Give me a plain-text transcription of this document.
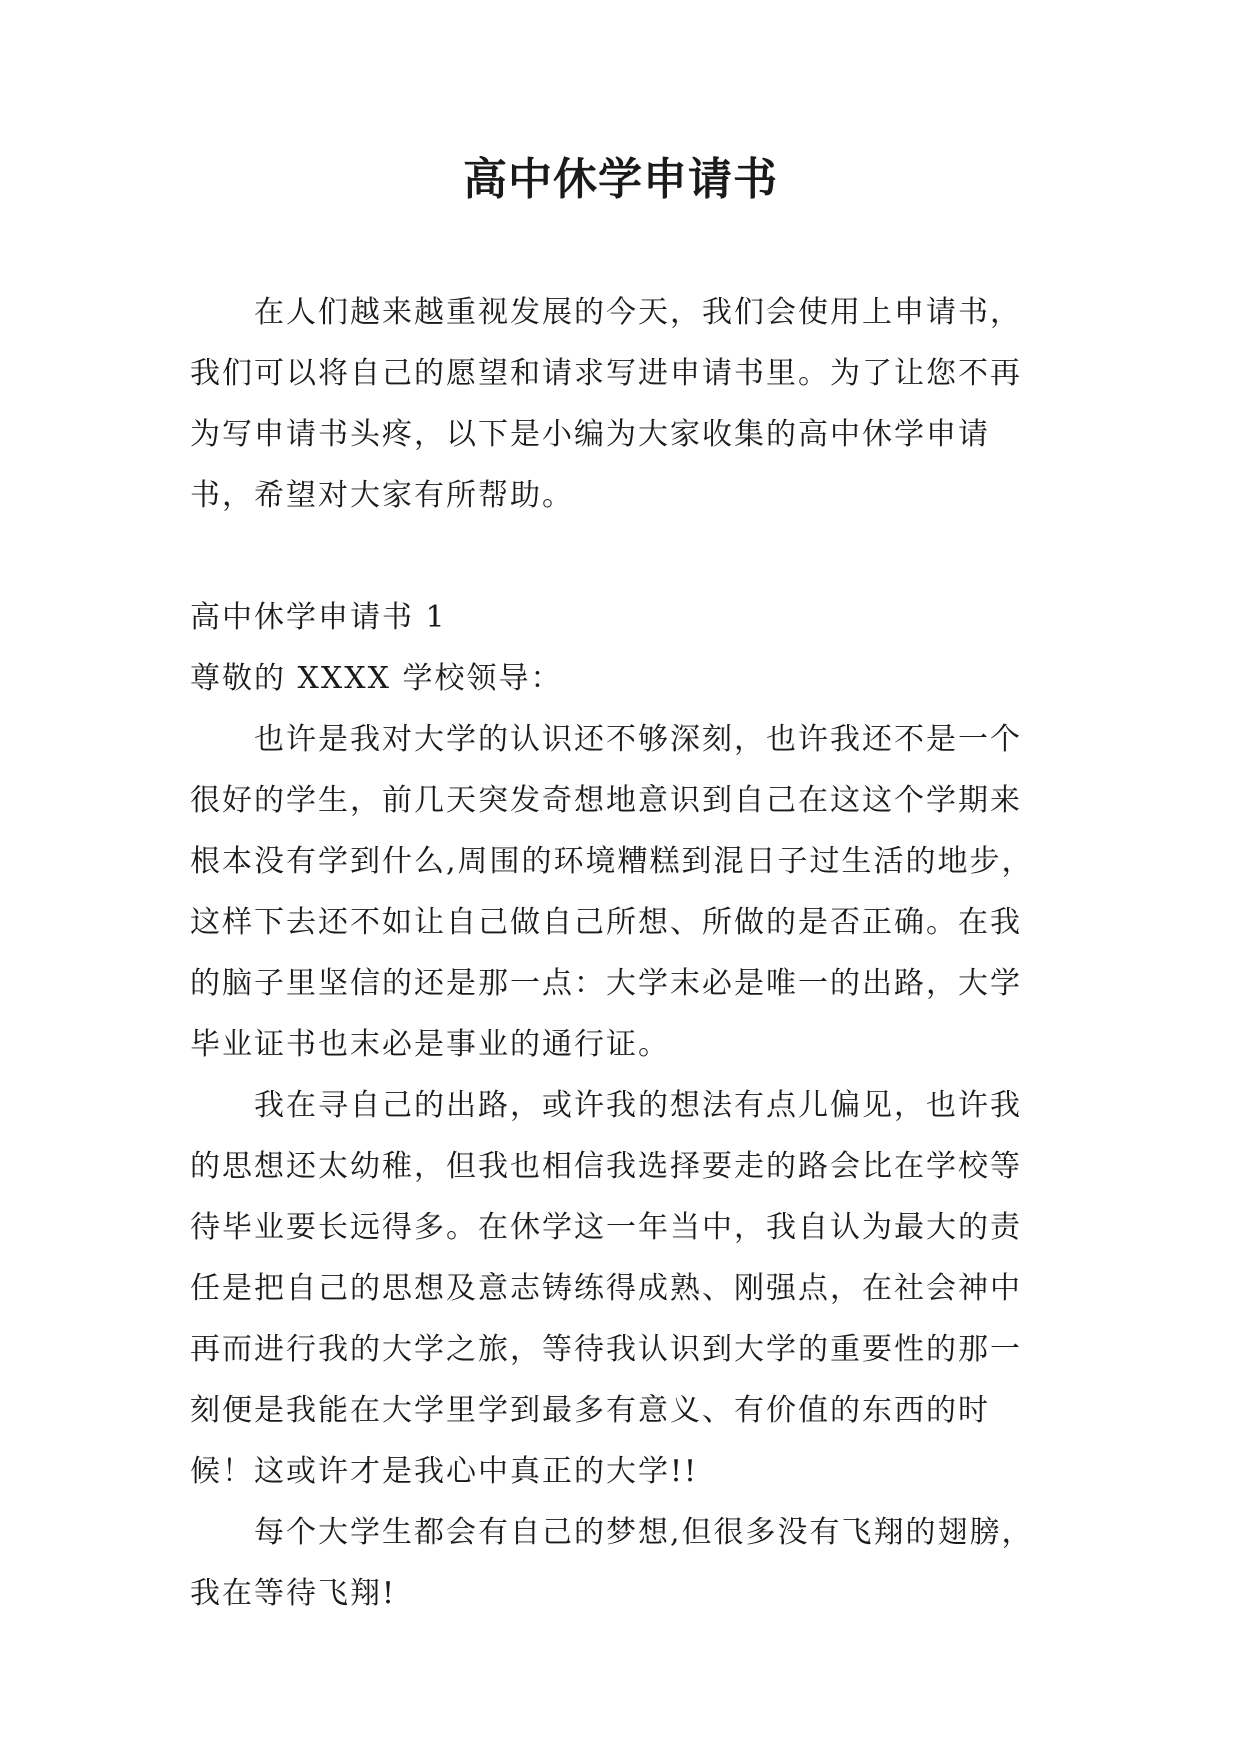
高中休学申请书

在人们越来越重视发展的今天，我们会使用上申请书，我们可以将自己的愿望和请求写进申请书里。为了让您不再为写申请书头疼，以下是小编为大家收集的高中休学申请书，希望对大家有所帮助。

高中休学申请书 1

尊敬的 XXXX 学校领导：

也许是我对大学的认识还不够深刻，也许我还不是一个很好的学生，前几天突发奇想地意识到自己在这这个学期来根本没有学到什么,周围的环境糟糕到混日子过生活的地步，这样下去还不如让自己做自己所想、所做的是否正确。在我的脑子里坚信的还是那一点：大学末必是唯一的出路，大学毕业证书也末必是事业的通行证。

我在寻自己的出路，或许我的想法有点儿偏见，也许我的思想还太幼稚，但我也相信我选择要走的路会比在学校等待毕业要长远得多。在休学这一年当中，我自认为最大的责任是把自己的思想及意志铸练得成熟、刚强点，在社会神中再而进行我的大学之旅，等待我认识到大学的重要性的那一刻便是我能在大学里学到最多有意义、有价值的东西的时候！这或许才是我心中真正的大学!!

每个大学生都会有自己的梦想,但很多没有飞翔的翅膀，我在等待飞翔!
